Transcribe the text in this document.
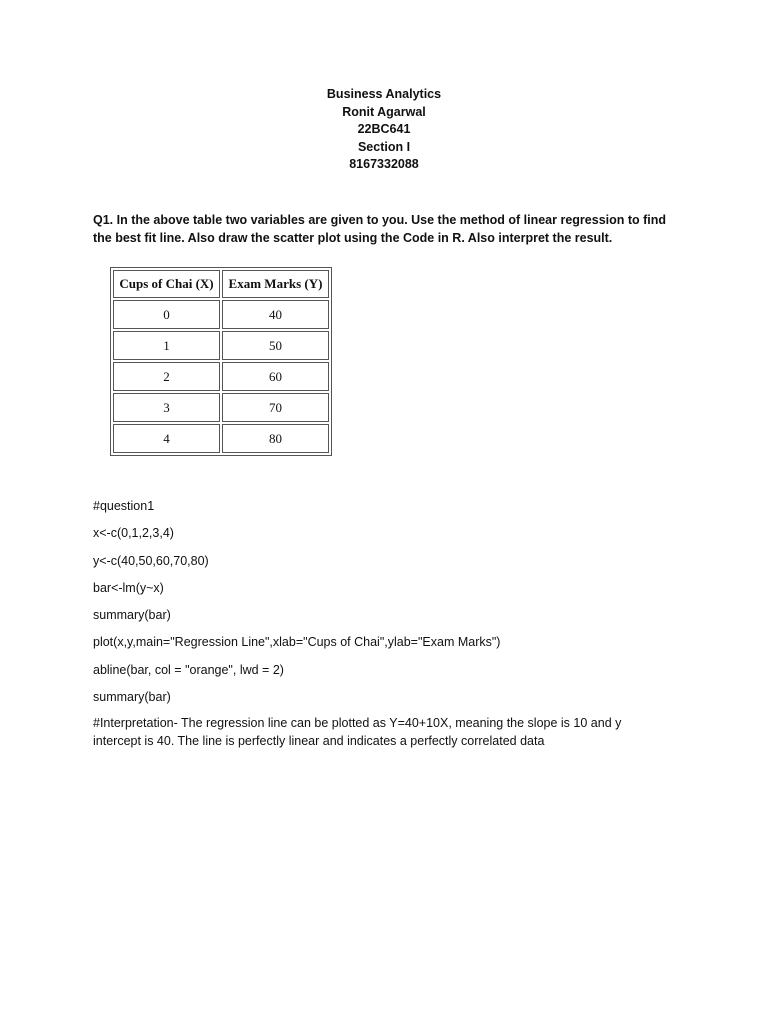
Business Analytics
Ronit Agarwal
22BC641
Section I
8167332088
Q1. In the above table two variables are given to you. Use the method of linear regression to find the best fit line. Also draw the scatter plot using the Code in R. Also interpret the result.
Cups of Chai (X)	Exam Marks (Y)
0	40
1	50
2	60
3	70
4	80
#question1
x<-c(0,1,2,3,4)
y<-c(40,50,60,70,80)
bar<-lm(y~x)
summary(bar)
plot(x,y,main="Regression Line",xlab="Cups of Chai",ylab="Exam Marks")
abline(bar, col = "orange", lwd = 2)
summary(bar)
#Interpretation- The regression line can be plotted as Y=40+10X, meaning the slope is 10 and y intercept is 40. The line is perfectly linear and indicates a perfectly correlated data
